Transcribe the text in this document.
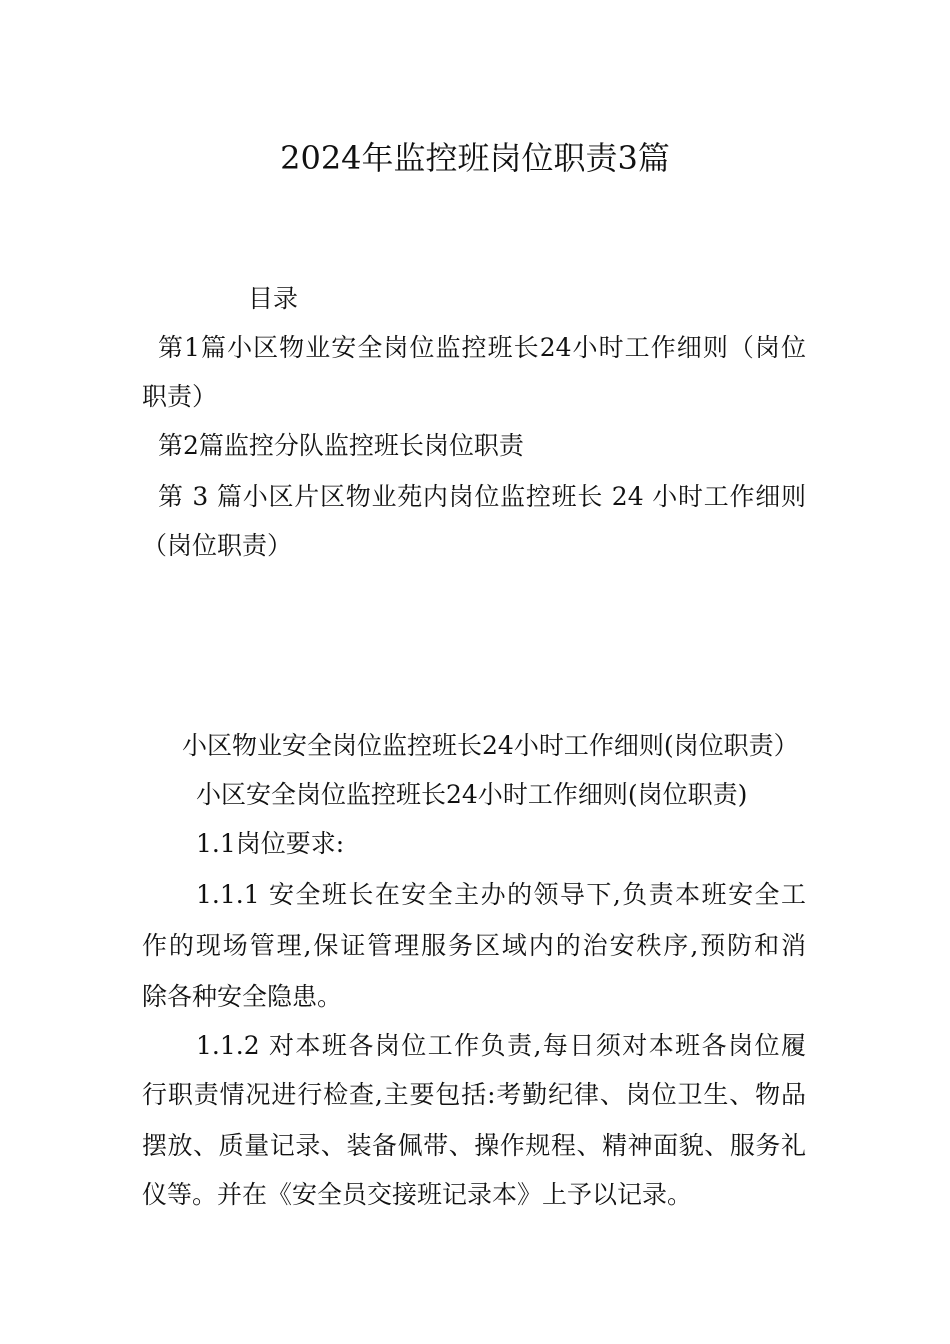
2024年监控班岗位职责3篇
目录
第1篇小区物业安全岗位监控班长24小时工作细则（岗位
职责）
第2篇监控分队监控班长岗位职责
第 3 篇小区片区物业苑内岗位监控班长 24 小时工作细则
（岗位职责）
小区物业安全岗位监控班长24小时工作细则(岗位职责）
小区安全岗位监控班长24小时工作细则(岗位职责)
1.1岗位要求:
1.1.1 安全班长在安全主办的领导下,负责本班安全工
作的现场管理,保证管理服务区域内的治安秩序,预防和消
除各种安全隐患。
1.1.2 对本班各岗位工作负责,每日须对本班各岗位履
行职责情况进行检查,主要包括:考勤纪律、岗位卫生、物品
摆放、质量记录、装备佩带、操作规程、精神面貌、服务礼
仪等。并在《安全员交接班记录本》上予以记录。
